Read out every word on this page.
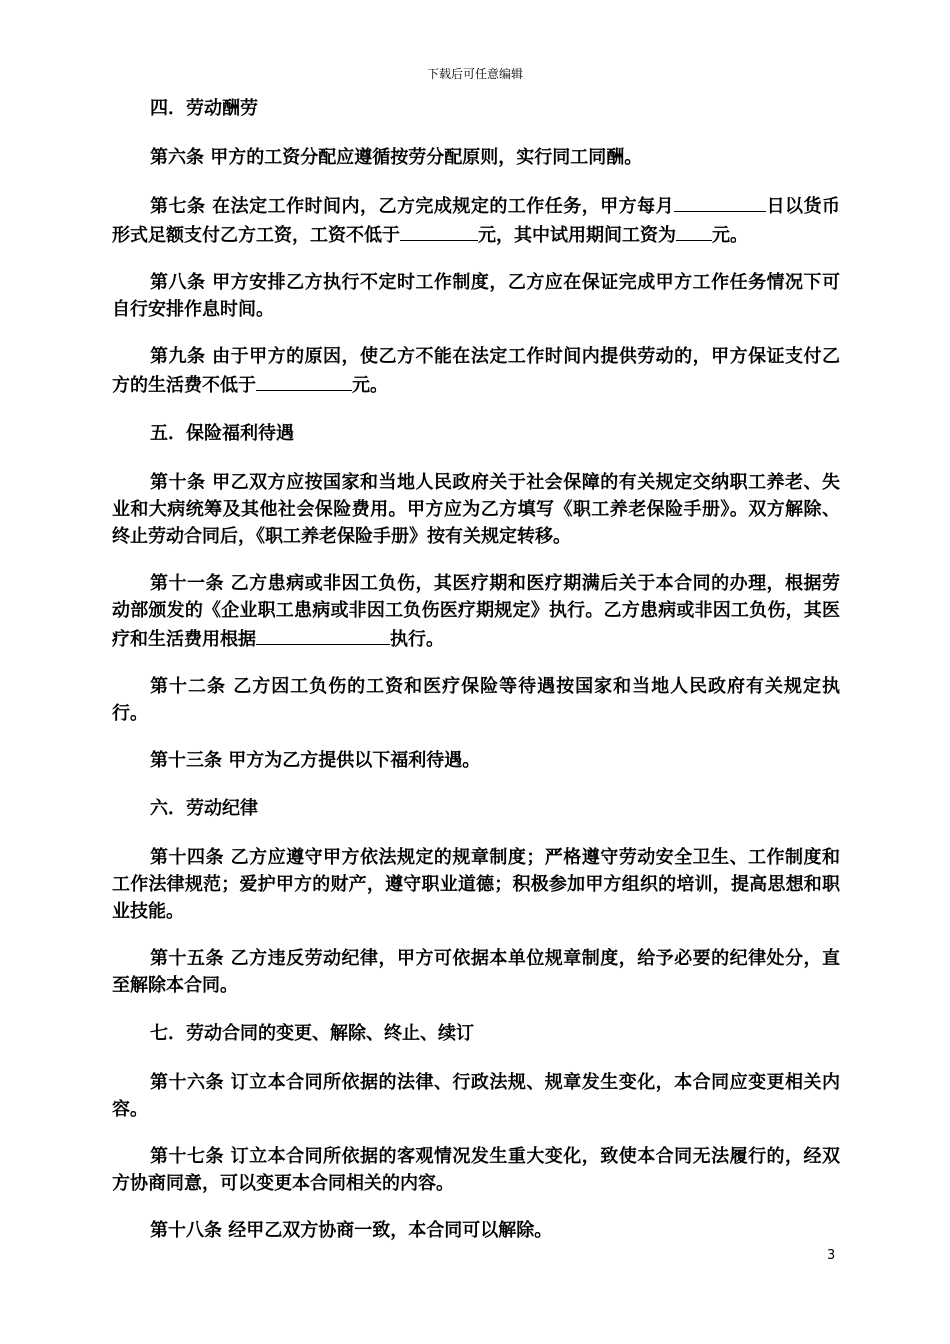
下载后可任意编辑
四．劳动酬劳

第六条 甲方的工资分配应遵循按劳分配原则，实行同工同酬。

第七条 在法定工作时间内，乙方完成规定的工作任务，甲方每月	日以货币形式足额支付乙方工资，工资不低于	元，其中试用期间工资为 元。

第八条 甲方安排乙方执行不定时工作制度，乙方应在保证完成甲方工作任务情况下可自行安排作息时间。

第九条 由于甲方的原因，使乙方不能在法定工作时间内提供劳动的，甲方保证支付乙方的生活费不低于	元。

五．保险福利待遇

第十条 甲乙双方应按国家和当地人民政府关于社会保障的有关规定交纳职工养老、失业和大病统筹及其他社会保险费用。甲方应为乙方填写《职工养老保险手册》。双方解除、终止劳动合同后，《职工养老保险手册》按有关规定转移。

第十一条 乙方患病或非因工负伤，其医疗期和医疗期满后关于本合同的办理，根据劳动部颁发的《企业职工患病或非因工负伤医疗期规定》执行。乙方患病或非因工负伤，其医疗和生活费用根据	执行。

第十二条 乙方因工负伤的工资和医疗保险等待遇按国家和当地人民政府有关规定执行。

第十三条 甲方为乙方提供以下福利待遇。

六．劳动纪律

第十四条 乙方应遵守甲方依法规定的规章制度；严格遵守劳动安全卫生、工作制度和工作法律规范；爱护甲方的财产，遵守职业道德；积极参加甲方组织的培训，提高思想和职业技能。

第十五条 乙方违反劳动纪律，甲方可依据本单位规章制度，给予必要的纪律处分，直至解除本合同。

七．劳动合同的变更、解除、终止、续订

第十六条 订立本合同所依据的法律、行政法规、规章发生变化，本合同应变更相关内容。

第十七条 订立本合同所依据的客观情况发生重大变化，致使本合同无法履行的，经双方协商同意，可以变更本合同相关的内容。

第十八条 经甲乙双方协商一致，本合同可以解除。

3
